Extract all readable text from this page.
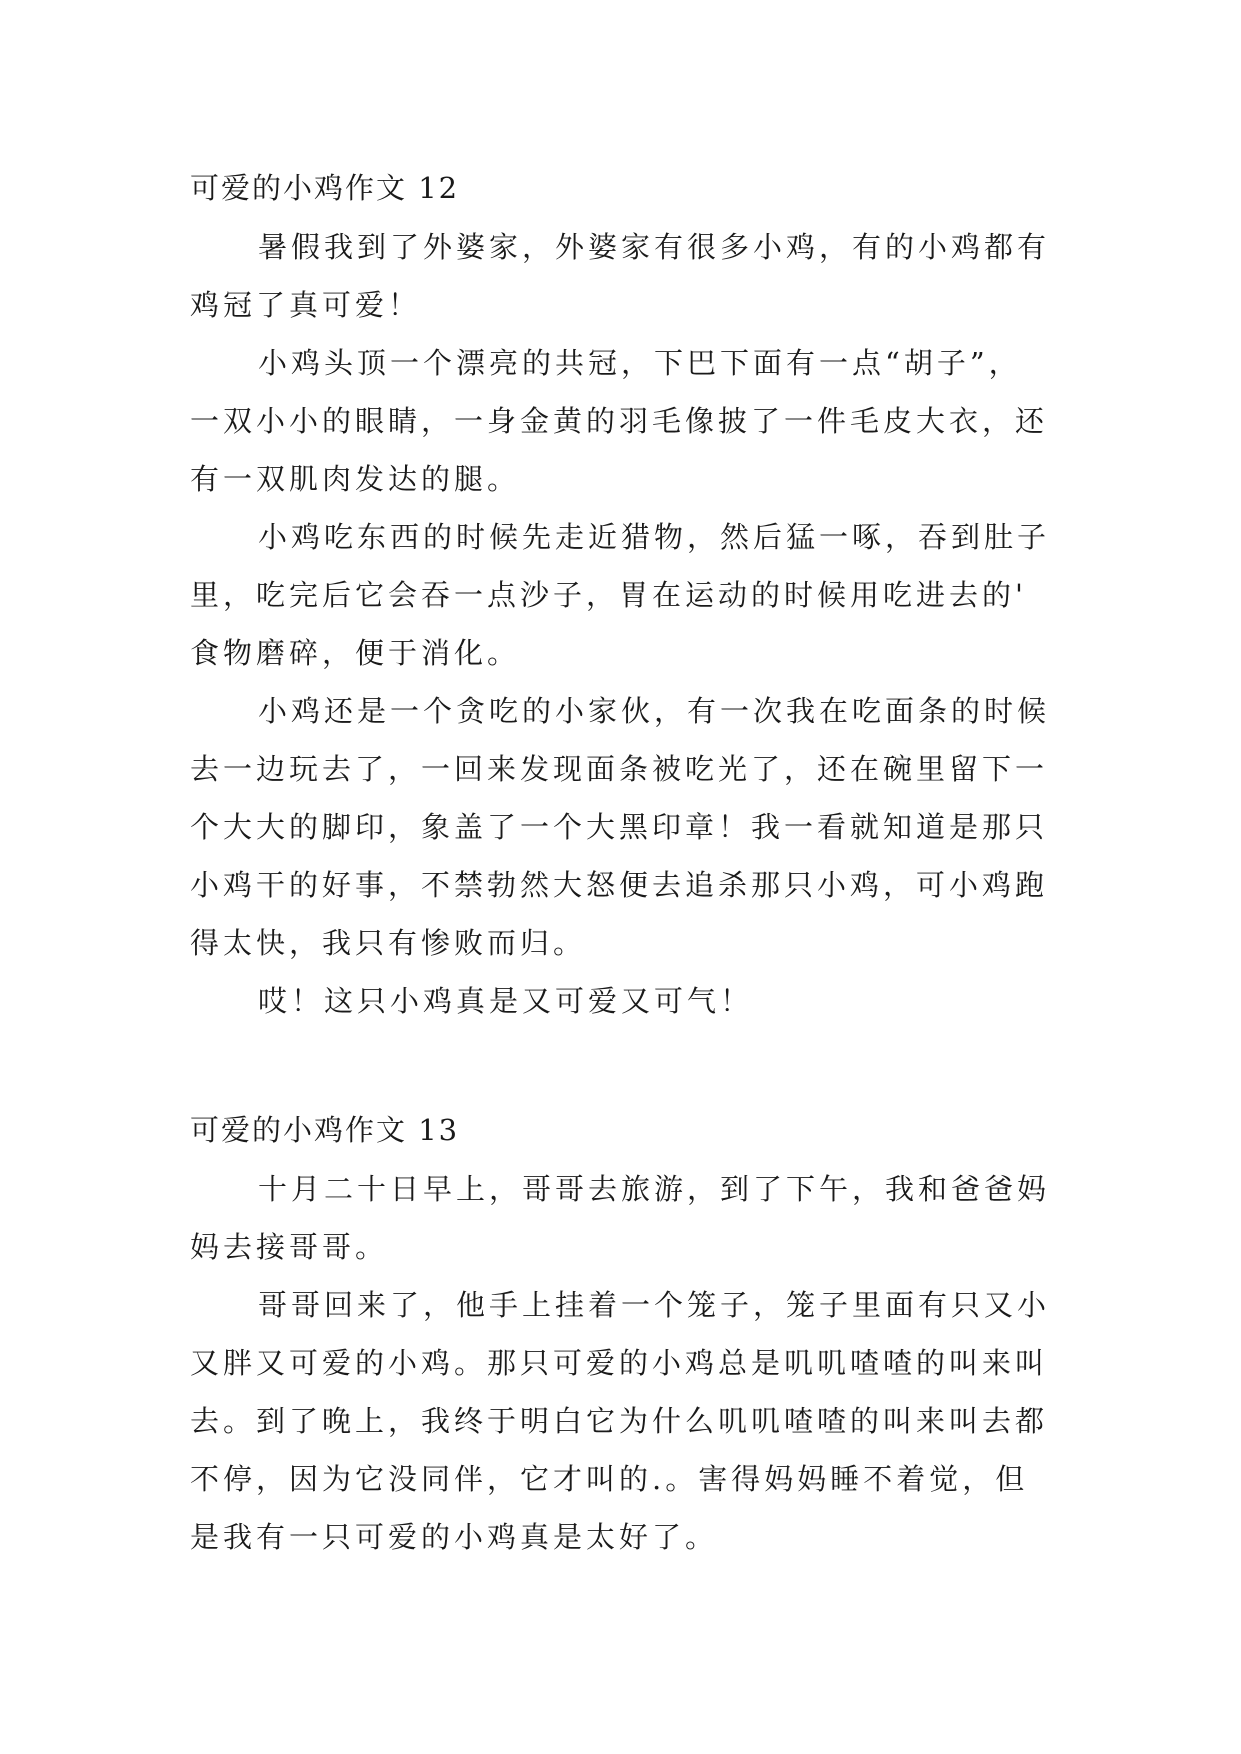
可爱的小鸡作文 12

暑假我到了外婆家，外婆家有很多小鸡，有的小鸡都有

鸡冠了真可爱！

小鸡头顶一个漂亮的共冠，下巴下面有一点“胡子”，

一双小小的眼睛，一身金黄的羽毛像披了一件毛皮大衣，还

有一双肌肉发达的腿。

小鸡吃东西的时候先走近猎物，然后猛一啄，吞到肚子

里，吃完后它会吞一点沙子，胃在运动的时候用吃进去的'

食物磨碎，便于消化。

小鸡还是一个贪吃的小家伙，有一次我在吃面条的时候

去一边玩去了，一回来发现面条被吃光了，还在碗里留下一

个大大的脚印，象盖了一个大黑印章！我一看就知道是那只

小鸡干的好事，不禁勃然大怒便去追杀那只小鸡，可小鸡跑

得太快，我只有惨败而归。

哎！这只小鸡真是又可爱又可气！

可爱的小鸡作文 13

十月二十日早上，哥哥去旅游，到了下午，我和爸爸妈

妈去接哥哥。

哥哥回来了，他手上挂着一个笼子，笼子里面有只又小

又胖又可爱的小鸡。那只可爱的小鸡总是叽叽喳喳的叫来叫

去。到了晚上，我终于明白它为什么叽叽喳喳的叫来叫去都

不停，因为它没同伴，它才叫的.。害得妈妈睡不着觉，但

是我有一只可爱的小鸡真是太好了。
